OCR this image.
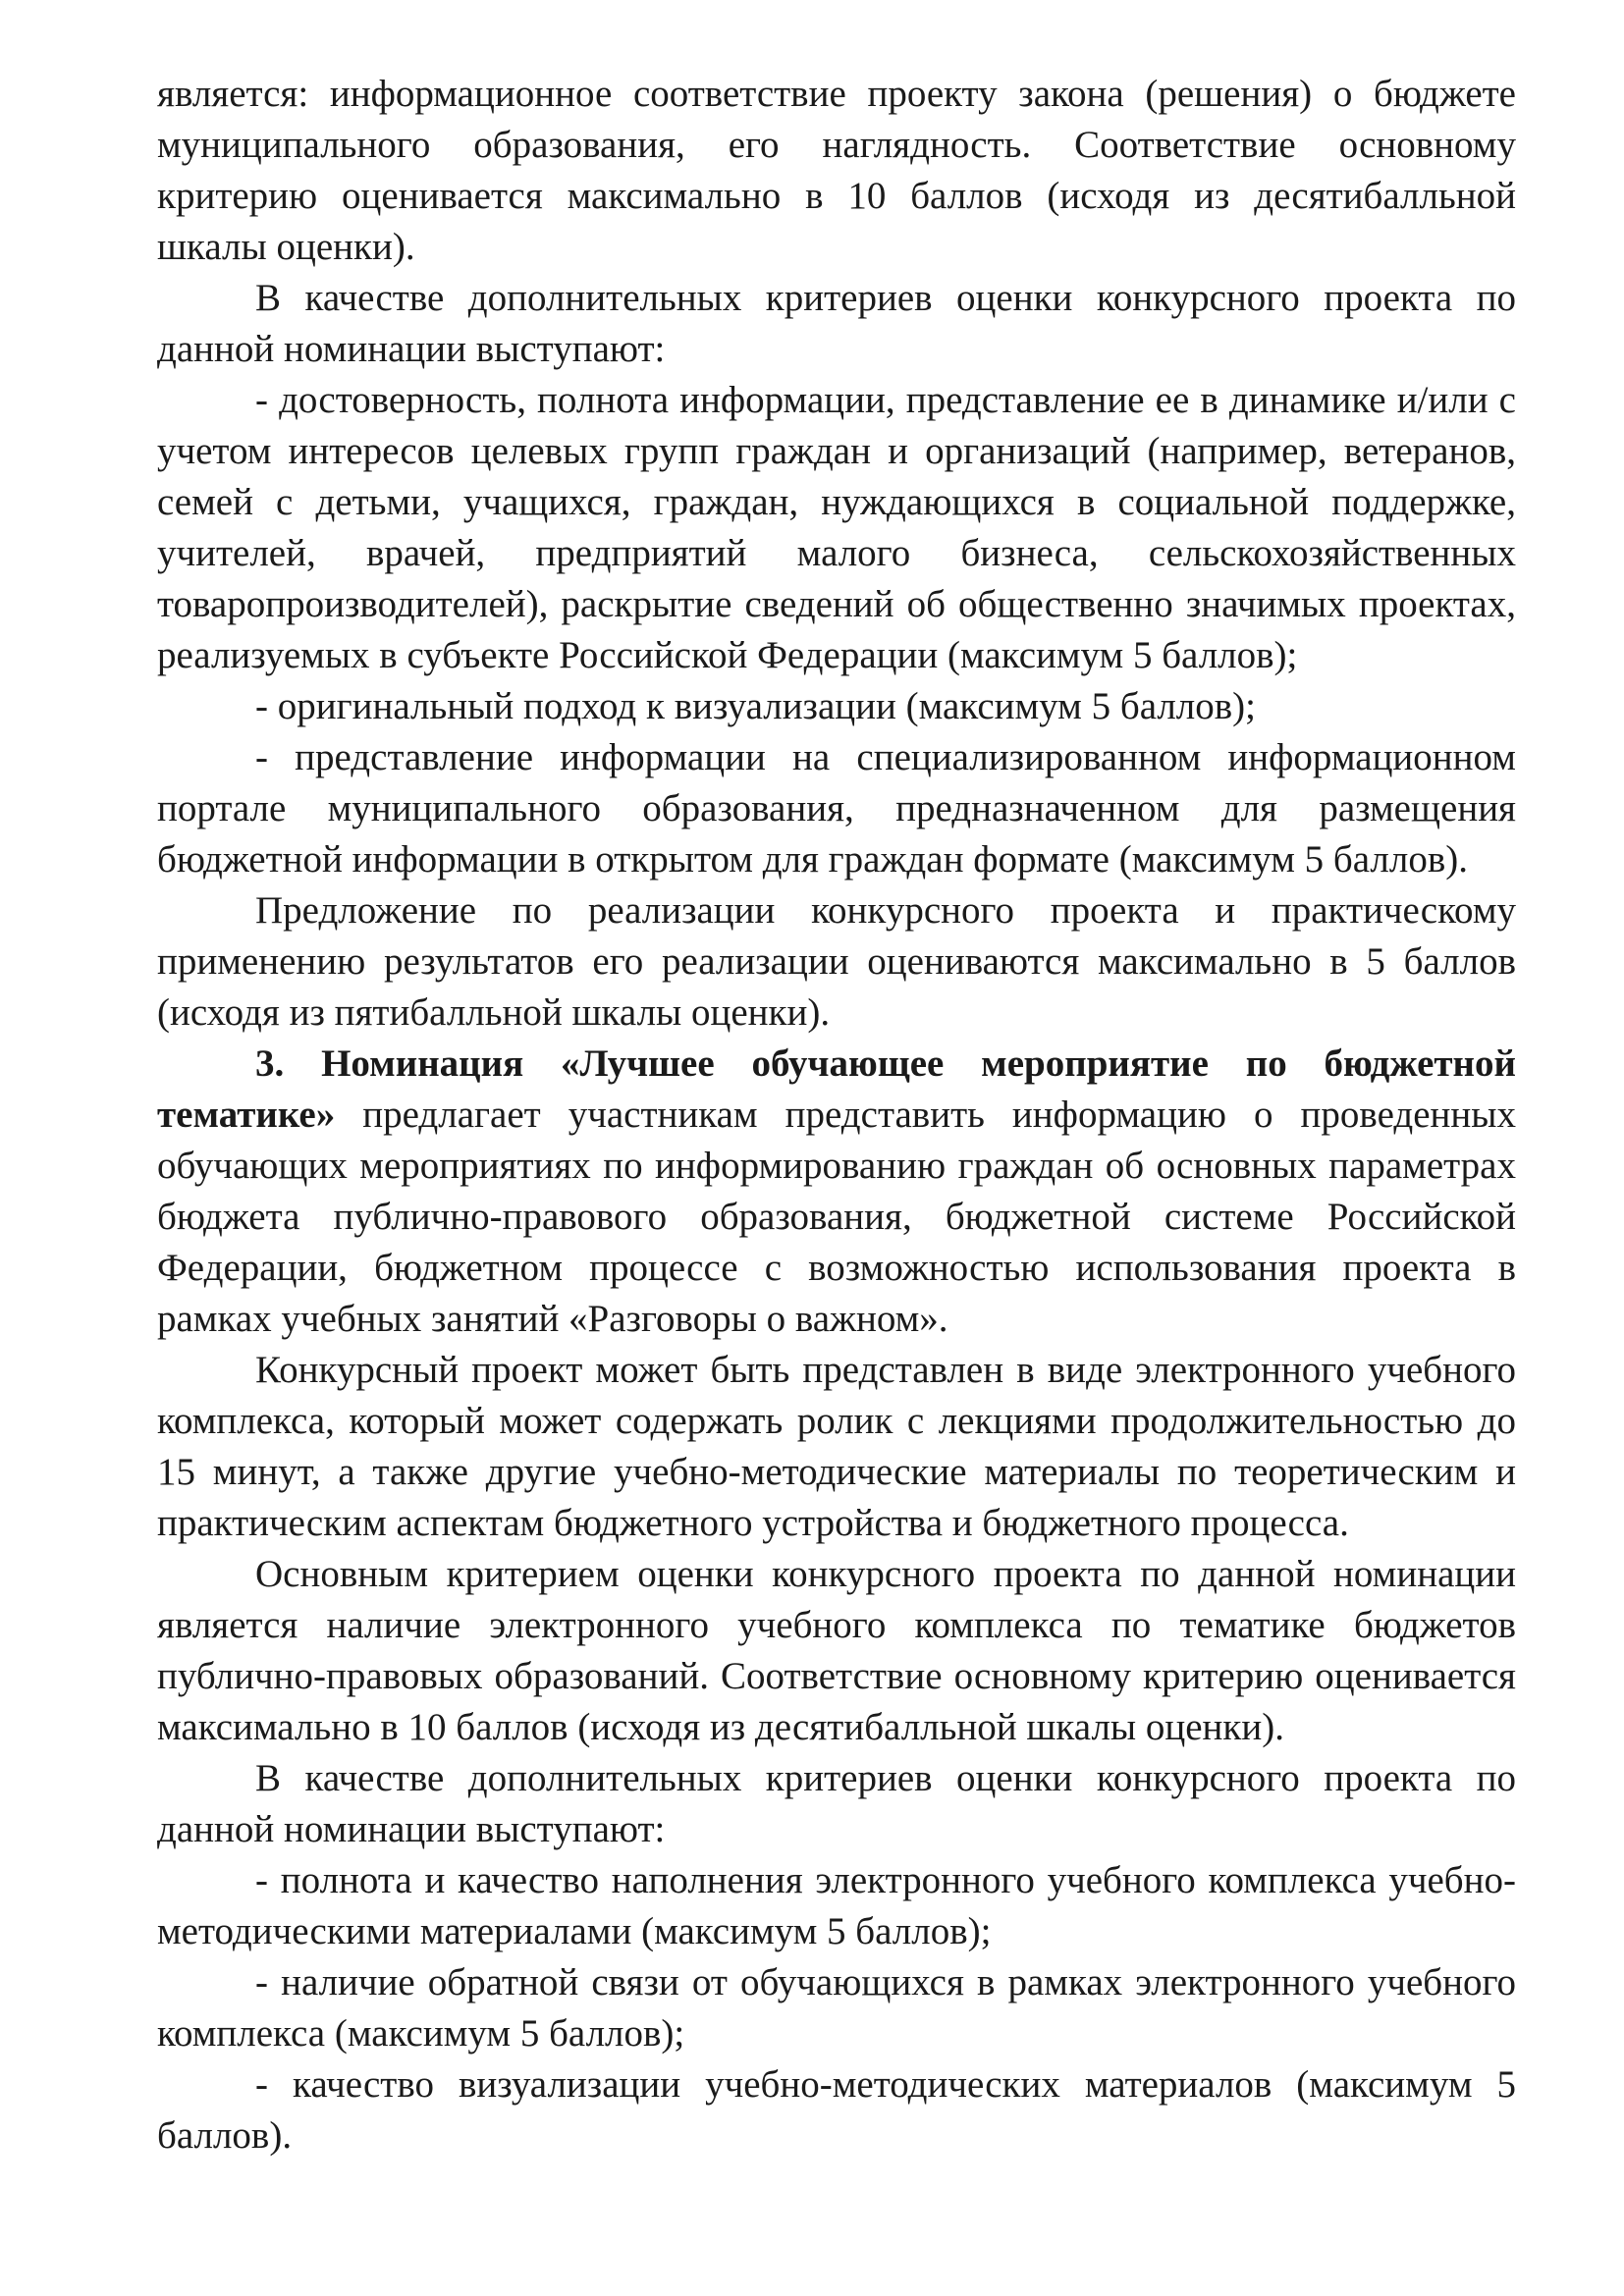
является: информационное соответствие проекту закона (решения) о бюджете муниципального образования, его наглядность. Соответствие основному критерию оценивается максимально в 10 баллов (исходя из десятибалльной шкалы оценки).

В качестве дополнительных критериев оценки конкурсного проекта по данной номинации выступают:

- достоверность, полнота информации, представление ее в динамике и/или с учетом интересов целевых групп граждан и организаций (например, ветеранов, семей с детьми, учащихся, граждан, нуждающихся в социальной поддержке, учителей, врачей, предприятий малого бизнеса, сельскохозяйственных товаропроизводителей), раскрытие сведений об общественно значимых проектах, реализуемых в субъекте Российской Федерации (максимум 5 баллов);

- оригинальный подход к визуализации (максимум 5 баллов);

- представление информации на специализированном информационном портале муниципального образования, предназначенном для размещения бюджетной информации в открытом для граждан формате (максимум 5 баллов).

Предложение по реализации конкурсного проекта и практическому применению результатов его реализации оцениваются максимально в 5 баллов (исходя из пятибалльной шкалы оценки).

3. Номинация «Лучшее обучающее мероприятие по бюджетной тематике» предлагает участникам представить информацию о проведенных обучающих мероприятиях по информированию граждан об основных параметрах бюджета публично-правового образования, бюджетной системе Российской Федерации, бюджетном процессе с возможностью использования проекта в рамках учебных занятий «Разговоры о важном».

Конкурсный проект может быть представлен в виде электронного учебного комплекса, который может содержать ролик с лекциями продолжительностью до 15 минут, а также другие учебно-методические материалы по теоретическим и практическим аспектам бюджетного устройства и бюджетного процесса.

Основным критерием оценки конкурсного проекта по данной номинации является наличие электронного учебного комплекса по тематике бюджетов публично-правовых образований. Соответствие основному критерию оценивается максимально в 10 баллов (исходя из десятибалльной шкалы оценки).

В качестве дополнительных критериев оценки конкурсного проекта по данной номинации выступают:

- полнота и качество наполнения электронного учебного комплекса учебно-методическими материалами (максимум 5 баллов);

- наличие обратной связи от обучающихся в рамках электронного учебного комплекса (максимум 5 баллов);

- качество визуализации учебно-методических материалов (максимум 5 баллов).
